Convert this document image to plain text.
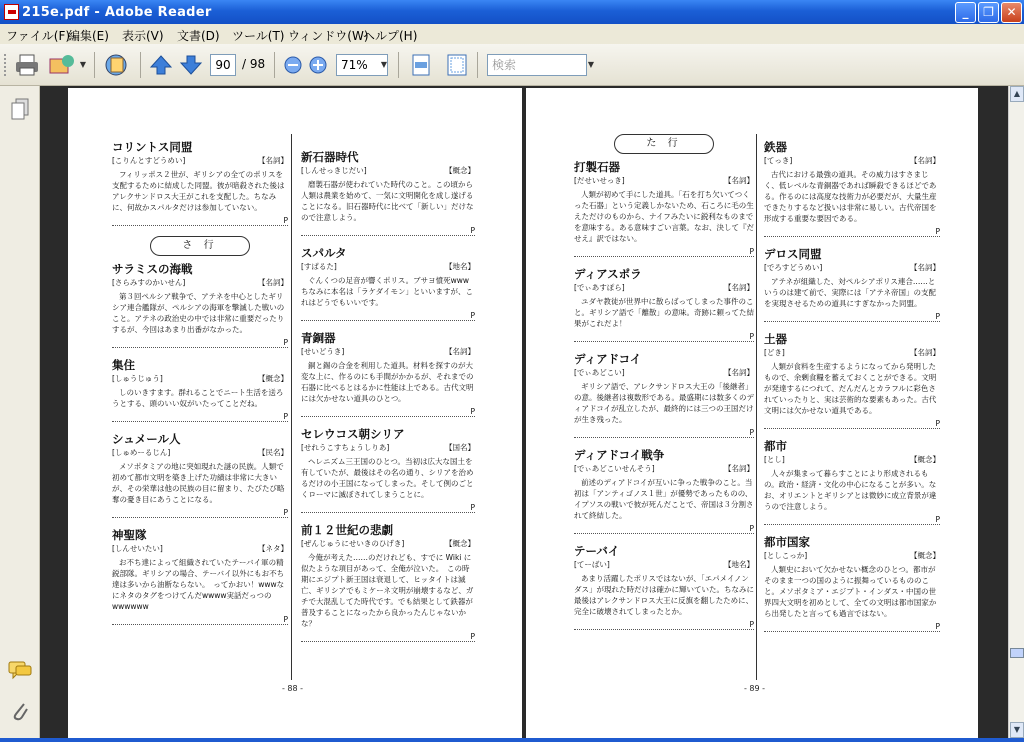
215e.pdf - Adobe Reader	_	❐	✕
ファイル(F)
編集(E) 表示(V) 文書(D) ツール(T) ウィンドウ(W)
ヘルプ(H)
▼	90 / 98	71%	▼	検索	▼
コリントス同盟
[こりんとすどうめい]	【名詞】
フィリッポス２世が、ギリシアの全てのポリスを支配するために結成した同盟。彼が暗殺された後はアレクサンドロス大王がこれを支配した。ちなみに、何故かスパルタだけは参加していない。
P
さ 行
サラミスの海戦
[さらみすのかいせん]	【名詞】
第３回ペルシア戦争で、アテネを中心としたギリシア連合艦隊が、ペルシアの海軍を撃滅した戦いのこと。アテネの政治史の中では非常に重要だったりするが、今回はあまり出番がなかった。
P
集住
[しゅうじゅう]	【概念】
しのいきすます。群れることでニート生活を送ろうとする、頭のいい奴がいたってことだね。
P
シュメール人
[しゅめーるじん]	【民名】
メソポタミアの地に突如現れた謎の民族。人類で初めて都市文明を築き上げた功績は非常に大きいが、その栄華は他の民族の目に留まり、たびたび略奪の憂き目にあうことになる。
P
神聖隊
[しんせいたい]	【ネタ】
お不ち達によって組織されていたテーバイ軍の精鋭部隊。ギリシアの場合、テーバイ以外にもお不ち達は多いから油断ならない。　ってかおい！wwwなにネタのタグをつけてんだwwww実話だっつのwwwwww
P
新石器時代
[しんせっきじだい]	【概念】
磨製石器が使われていた時代のこと。この頃から人類は農業を始めて、一気に文明開化を成し遂げることになる。旧石器時代に比べて「新しい」だけなので注意しよう。
P
スパルタ
[すぱるた]	【地名】
ぐんくつの足音が響くポリス。ブサヨ憤死wwwちなみに本名は「ラケダイモン」といいますが、これはどうでもいいです。
P
青銅器
[せいどうき]	【名詞】
銅と錫の合金を利用した道具。材料を探すのが大変な上に、作るのにも手間がかかるが、それまでの石器に比べるとはるかに性能は上である。古代文明には欠かせない道具のひとつ。
P
セレウコス朝シリア
[せれうこすちょうしりあ]	【国名】
ヘレニズム三王国のひとつ。当初は広大な国土を有していたが、最後はその名の通り、シリアを治めるだけの小王国になってしまった。そして例のごとくローマに滅ぼされてしまうことに。
P
前１２世紀の悲劇
[ぜんじゅうにせいきのひげき]	【概念】
今俺が考えた……のだけれども、すでに Wiki に似たような項目があって、全俺が泣いた。　この時期にエジプト新王国は衰退して、ヒッタイトは滅亡、ギリシアでもミケーネ文明が崩壊するなど、ガチで大混乱してた時代です。でも結果として鉄器が普及することになったから良かったんじゃないかな？
P
- 88 -
た 行
打製石器
[だせいせっき]	【名詞】
人類が初めて手にした道具。「石を打ち欠いてつくった石器」という定義しかないため、石ころに毛の生えただけのものから、ナイフみたいに鋭利なものまでを意味する。ある意味すごい言葉。なお、決して『だせえ』訳ではない。
P
ディアスポラ
[でぃあすぽら]	【名詞】
ユダヤ教徒が世界中に散らばってしまった事件のこと。ギリシア語で「離散」の意味。奇跡に頼ってた結果がこれだよ！
P
ディアドコイ
[でぃあどこい]	【名詞】
ギリシア語で、アレクサンドロス大王の「後継者」の意。後継者は複数形である。最盛期には数多くのディアドコイが乱立したが、最終的には三つの王国だけが生き残った。
P
ディアドコイ戦争
[でぃあどこいせんそう]	【名詞】
前述のディアドコイが互いに争った戦争のこと。当初は「アンティゴノス１世」が優勢であったものの、イプソスの戦いで彼が死んだことで、帝国は３分割されて終結した。
P
テーバイ
[てーばい]	【地名】
あまり活躍したポリスではないが、「エパメイノンダス」が現れた時だけは確かに輝いていた。ちなみに最後はアレクサンドロス大王に反旗を翻したために、完全に破壊されてしまったとか。
P
鉄器
[てっき]	【名詞】
古代における最強の道具。その威力はすさまじく、低レベルな青銅器であれば瞬殺できるほどである。作るのには高度な技術力が必要だが、大量生産できたりするなど扱いは非常に易しい。古代帝国を形成する重要な要因である。
P
デロス同盟
[でろすどうめい]	【名詞】
アテネが組織した、対ペルシアポリス連合……というのは建て前で、実際には「アテネ帝国」の支配を実現させるための道具にすぎなかった同盟。
P
土器
[どき]	【名詞】
人類が食料を生産するようになってから発明したもので、余剰食糧を蓄えておくことができる。文明が発達するにつれて、だんだんとカラフルに彩色されていったりと、実は芸術的な要素もあった。古代文明には欠かせない道具である。
P
都市
[とし]	【概念】
人々が集まって暮らすことにより形成されるもの。政治・経済・文化の中心になることが多い。なお、オリエントとギリシアとは微妙に成立背景が違うので注意しよう。
P
都市国家
[としこっか]	【概念】
人類史において欠かせない概念のひとつ。都市がそのまま一つの国のように振舞っているもののこと。メソポタミア・エジプト・インダス・中国の世界四大文明を初めとして、全ての文明は都市国家から出発したと言っても過言ではない。
P
- 89 -
▲
▼
